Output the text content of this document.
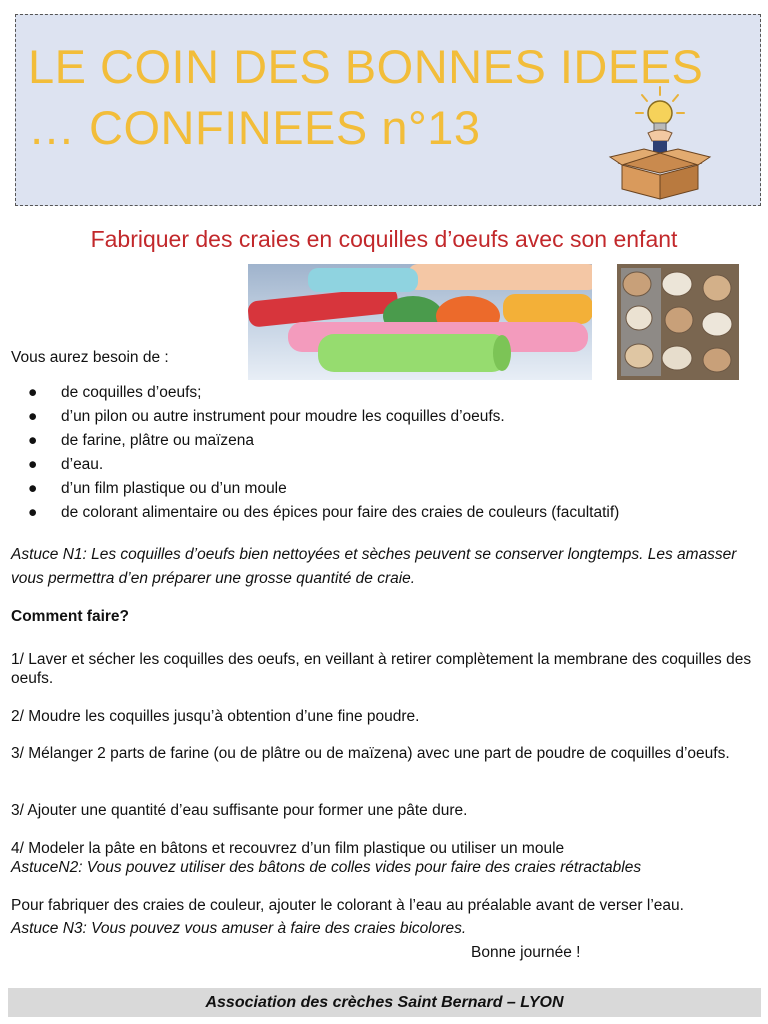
LE COIN DES BONNES IDEES
… CONFINEES n°13
Fabriquer des craies en coquilles d’oeufs avec son enfant

Vous aurez besoin de :

● de coquilles d’oeufs;
● d’un pilon ou autre instrument pour moudre les coquilles d’oeufs.
● de farine, plâtre ou maïzena
● d’eau.
● d’un film plastique ou d’un moule
● de colorant alimentaire ou des épices pour faire des craies de couleurs (facultatif)

Astuce N1: Les coquilles d’oeufs bien nettoyées et sèches peuvent se conserver longtemps. Les amasser vous permettra d’en préparer une grosse quantité de craie.

Comment faire?

1/ Laver et sécher les coquilles des oeufs, en veillant à retirer complètement la membrane des coquilles des oeufs.

2/ Moudre les coquilles jusqu’à obtention d’une fine poudre.

3/ Mélanger 2 parts de farine (ou de plâtre ou de maïzena) avec une part de poudre de coquilles d’oeufs.

3/ Ajouter une quantité d’eau suffisante pour former une pâte dure.

4/ Modeler la pâte en bâtons et recouvrez d’un film plastique ou utiliser un moule

AstuceN2: Vous pouvez utiliser des bâtons de colles vides pour faire des craies rétractables

Pour fabriquer des craies de couleur, ajouter le colorant à l’eau au préalable avant de verser l’eau.

Astuce N3: Vous pouvez vous amuser à faire des craies bicolores.

Bonne journée !

Association des crèches Saint Bernard – LYON
